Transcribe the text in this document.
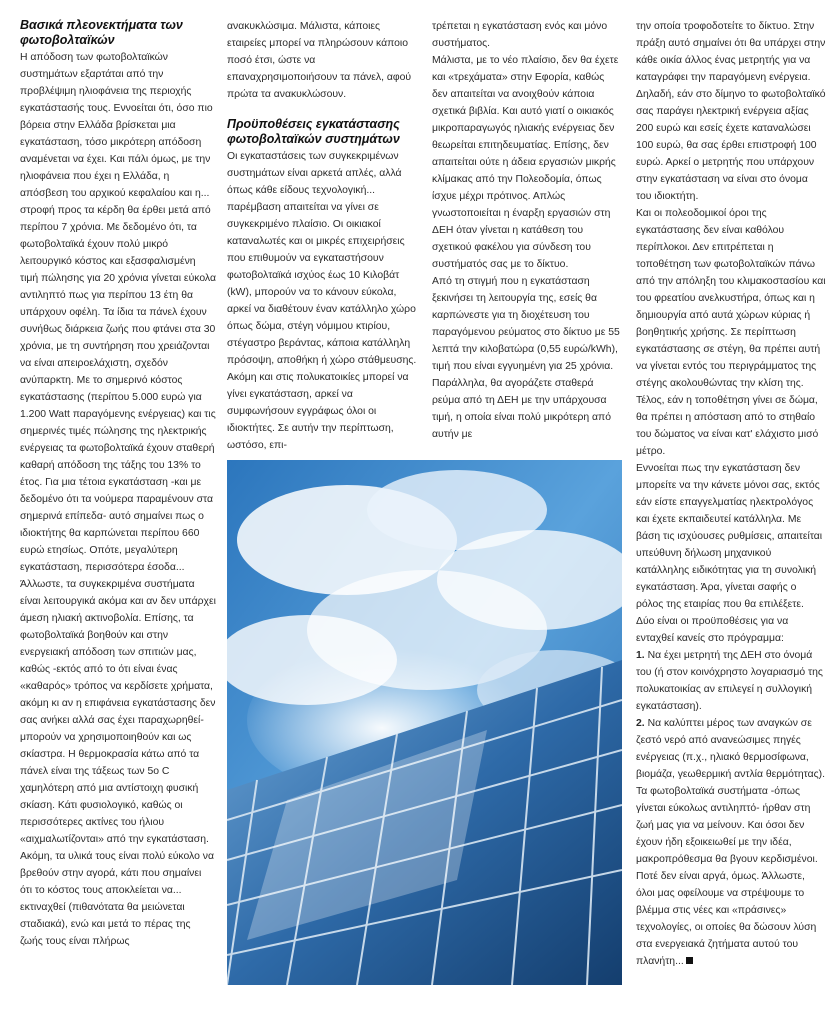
Βασικά πλεονεκτήματα των φωτοβολταϊκών

Η απόδοση των φωτοβολταϊκών συστημάτων εξαρτάται από την προβλέψιμη ηλιοφάνεια της περιοχής εγκατάστασής τους. Εννοείται ότι, όσο πιο βόρεια στην Ελλάδα βρίσκεται μια εγκατάσταση, τόσο μικρότερη απόδοση αναμένεται να έχει. Και πάλι όμως, με την ηλιοφάνεια που έχει η Ελλάδα, η απόσβεση του αρχικού κεφαλαίου και η... στροφή προς τα κέρδη θα έρθει μετά από περίπου 7 χρόνια. Με δεδομένο ότι, τα φωτοβολταϊκά έχουν πολύ μικρό λειτουργικό κόστος και εξασφαλισμένη τιμή πώλησης για 20 χρόνια γίνεται εύκολα αντιληπτό πως για περίπου 13 έτη θα υπάρχουν οφέλη. Τα ίδια τα πάνελ έχουν συνήθως διάρκεια ζωής που φτάνει στα 30 χρόνια, με τη συντήρηση που χρειάζονται να είναι απειροελάχιστη, σχεδόν ανύπαρκτη. Με το σημερινό κόστος εγκατάστασης (περίπου 5.000 ευρώ για 1.200 Watt παραγόμενης ενέργειας) και τις σημερινές τιμές πώλησης της ηλεκτρικής ενέργειας τα φωτοβολταϊκά έχουν σταθερή καθαρή απόδοση της τάξης του 13% το έτος. Για μια τέτοια εγκατάσταση -και με δεδομένο ότι τα νούμερα παραμένουν στα σημερινά επίπεδα- αυτό σημαίνει πως ο ιδιοκτήτης θα καρπώνεται περίπου 660 ευρώ ετησίως. Οπότε, μεγαλύτερη εγκατάσταση, περισσότερα έσοδα... Άλλωστε, τα συγκεκριμένα συστήματα είναι λειτουργικά ακόμα και αν δεν υπάρχει άμεση ηλιακή ακτινοβολία. Επίσης, τα φωτοβολταϊκά βοηθούν και στην ενεργειακή απόδοση των σπιτιών μας, καθώς -εκτός από το ότι είναι ένας «καθαρός» τρόπος να κερδίσετε χρήματα, ακόμη κι αν η επιφάνεια εγκατάστασης δεν σας ανήκει αλλά σας έχει παραχωρηθεί- μπορούν να χρησιμοποιηθούν και ως σκίαστρα. Η θερμοκρασία κάτω από τα πάνελ είναι της τάξεως των 5ο C χαμηλότερη από μια αντίστοιχη φυσική σκίαση. Κάτι φυσιολογικό, καθώς οι περισσότερες ακτίνες του ήλιου «αιχμαλωτίζονται» από την εγκατάσταση. Ακόμη, τα υλικά τους είναι πολύ εύκολο να βρεθούν στην αγορά, κάτι που σημαίνει ότι το κόστος τους αποκλείεται να... εκτιναχθεί (πιθανότατα θα μειώνεται σταδιακά), ενώ και μετά το πέρας της ζωής τους είναι πλήρως

ανακυκλώσιμα. Μάλιστα, κάποιες εταιρείες μπορεί να πληρώσουν κάποιο ποσό έτσι, ώστε να επαναχρησιμοποιήσουν τα πάνελ, αφού πρώτα τα ανακυκλώσουν.

Προϋποθέσεις εγκατάστασης φωτοβολταϊκών συστημάτων

Οι εγκαταστάσεις των συγκεκριμένων συστημάτων είναι αρκετά απλές, αλλά όπως κάθε είδους τεχνολογική... παρέμβαση απαιτείται να γίνει σε συγκεκριμένο πλαίσιο. Οι οικιακοί καταναλωτές και οι μικρές επιχειρήσεις που επιθυμούν να εγκαταστήσουν φωτοβολταϊκά ισχύος έως 10 Κιλοβάτ (kW), μπορούν να το κάνουν εύκολα, αρκεί να διαθέτουν έναν κατάλληλο χώρο όπως δώμα, στέγη νόμιμου κτιρίου, στέγαστρο βεράντας, κάποια κατάλληλη πρόσοψη, αποθήκη ή χώρο στάθμευσης. Ακόμη και στις πολυκατοικίες μπορεί να γίνει εγκατάσταση, αρκεί να συμφωνήσουν εγγράφως όλοι οι ιδιοκτήτες. Σε αυτήν την περίπτωση, ωστόσο, επι-

τρέπεται η εγκατάσταση ενός και μόνο συστήματος.

Μάλιστα, με το νέο πλαίσιο, δεν θα έχετε και «τρεχάματα» στην Εφορία, καθώς δεν απαιτείται να ανοιχθούν κάποια σχετικά βιβλία. Και αυτό γιατί ο οικιακός μικροπαραγωγός ηλιακής ενέργειας δεν θεωρείται επιτηδευματίας. Επίσης, δεν απαιτείται ούτε η άδεια εργασιών μικρής κλίμακας από την Πολεοδομία, όπως ίσχυε μέχρι πρότινος. Απλώς γνωστοποιείται η έναρξη εργασιών στη ΔΕΗ όταν γίνεται η κατάθεση του σχετικού φακέλου για σύνδεση του συστήματός σας με το δίκτυο.

Από τη στιγμή που η εγκατάσταση ξεκινήσει τη λειτουργία της, εσείς θα καρπώνεστε για τη διοχέτευση του παραγόμενου ρεύματος στο δίκτυο με 55 λεπτά την κιλοβατώρα (0,55 ευρώ/kWh), τιμή που είναι εγγυημένη για 25 χρόνια. Παράλληλα, θα αγοράζετε σταθερά ρεύμα από τη ΔΕΗ με την υπάρχουσα τιμή, η οποία είναι πολύ μικρότερη από αυτήν με

την οποία τροφοδοτείτε το δίκτυο. Στην πράξη αυτό σημαίνει ότι θα υπάρχει στην κάθε οικία άλλος ένας μετρητής για να καταγράφει την παραγόμενη ενέργεια. Δηλαδή, εάν στο δίμηνο το φωτοβολταϊκό σας παράγει ηλεκτρική ενέργεια αξίας 200 ευρώ και εσείς έχετε καταναλώσει 100 ευρώ, θα σας έρθει επιστροφή 100 ευρώ. Αρκεί ο μετρητής που υπάρχουν στην εγκατάσταση να είναι στο όνομα του ιδιοκτήτη.

Και οι πολεοδομικοί όροι της εγκατάστασης δεν είναι καθόλου περίπλοκοι. Δεν επιτρέπεται η τοποθέτηση των φωτοβολταϊκών πάνω από την απόληξη του κλιμακοστασίου και του φρεατίου ανελκυστήρα, όπως και η δημιουργία από αυτά χώρων κύριας ή βοηθητικής χρήσης. Σε περίπτωση εγκατάστασης σε στέγη, θα πρέπει αυτή να γίνεται εντός του περιγράμματος της στέγης ακολουθώντας την κλίση της. Τέλος, εάν η τοποθέτηση γίνει σε δώμα, θα πρέπει η απόσταση από το στηθαίο του δώματος να είναι κατ' ελάχιστο μισό μέτρο.

Εννοείται πως την εγκατάσταση δεν μπορείτε να την κάνετε μόνοι σας, εκτός εάν είστε επαγγελματίας ηλεκτρολόγος και έχετε εκπαιδευτεί κατάλληλα. Με βάση τις ισχύουσες ρυθμίσεις, απαιτείται υπεύθυνη δήλωση μηχανικού κατάλληλης ειδικότητας για τη συνολική εγκατάσταση. Άρα, γίνεται σαφής ο ρόλος της εταιρίας που θα επιλέξετε.

Δύο είναι οι προϋποθέσεις για να ενταχθεί κανείς στο πρόγραμμα:

1. Να έχει μετρητή της ΔΕΗ στο όνομά του (ή στον κοινόχρηστο λογαριασμό της πολυκατοικίας αν επιλεγεί η συλλογική εγκατάσταση).
2. Να καλύπτει μέρος των αναγκών σε ζεστό νερό από ανανεώσιμες πηγές ενέργειας (π.χ., ηλιακό θερμοσίφωνα, βιομάζα, γεωθερμική αντλία θερμότητας).

Τα φωτοβολταϊκά συστήματα -όπως γίνεται εύκολως αντιληπτό- ήρθαν στη ζωή μας για να μείνουν. Και όσοι δεν έχουν ήδη εξοικειωθεί με την ιδέα, μακροπρόθεσμα θα βγουν κερδισμένοι. Ποτέ δεν είναι αργά, όμως. Άλλωστε, όλοι μας οφείλουμε να στρέψουμε το βλέμμα στις νέες και «πράσινες» τεχνολογίες, οι οποίες θα δώσουν λύση στα ενεργειακά ζητήματα αυτού του πλανήτη...
